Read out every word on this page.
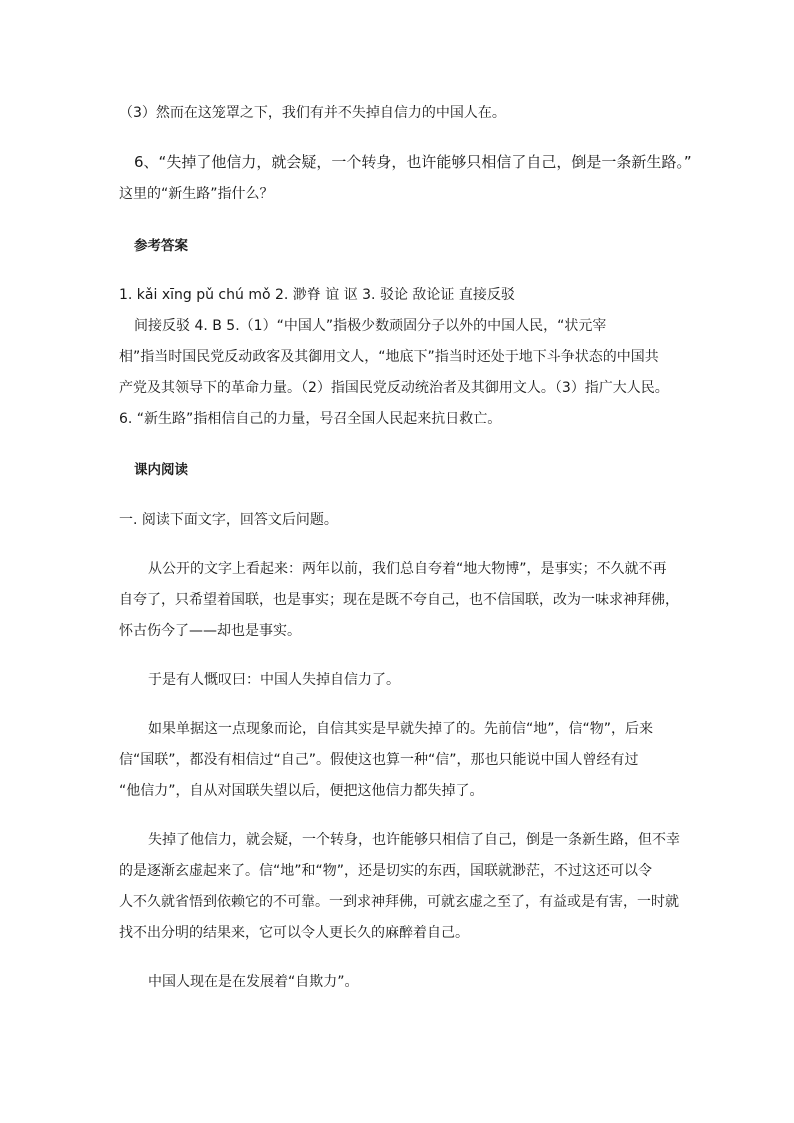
（3）然而在这笼罩之下，我们有并不失掉自信力的中国人在。
6、“失掉了他信力，就会疑，一个转身，也许能够只相信了自己，倒是一条新生路。”
这里的“新生路”指什么？
参考答案
1. kǎi xīng pǔ chú mǒ 2. 渺脊 谊 讴 3. 驳论 敌论证 直接反驳
间接反驳 4. B 5.（1）“中国人”指极少数顽固分子以外的中国人民，“状元宰
相”指当时国民党反动政客及其御用文人，“地底下”指当时还处于地下斗争状态的中国共
产党及其领导下的革命力量。（2）指国民党反动统治者及其御用文人。（3）指广大人民。
6. “新生路”指相信自己的力量，号召全国人民起来抗日救亡。
课内阅读
一. 阅读下面文字，回答文后问题。
从公开的文字上看起来：两年以前，我们总自夸着“地大物博”，是事实；不久就不再
自夸了，只希望着国联，也是事实；现在是既不夸自己，也不信国联，改为一味求神拜佛，
怀古伤今了——却也是事实。
于是有人慨叹曰：中国人失掉自信力了。
如果单据这一点现象而论，自信其实是早就失掉了的。先前信“地”，信“物”，后来
信“国联”，都没有相信过“自己”。假使这也算一种“信”，那也只能说中国人曾经有过
“他信力”，自从对国联失望以后，便把这他信力都失掉了。
失掉了他信力，就会疑，一个转身，也许能够只相信了自己，倒是一条新生路，但不幸
的是逐渐玄虚起来了。信“地”和“物”，还是切实的东西，国联就渺茫，不过这还可以令
人不久就省悟到依赖它的不可靠。一到求神拜佛，可就玄虚之至了，有益或是有害，一时就
找不出分明的结果来，它可以令人更长久的麻醉着自己。
中国人现在是在发展着“自欺力”。
